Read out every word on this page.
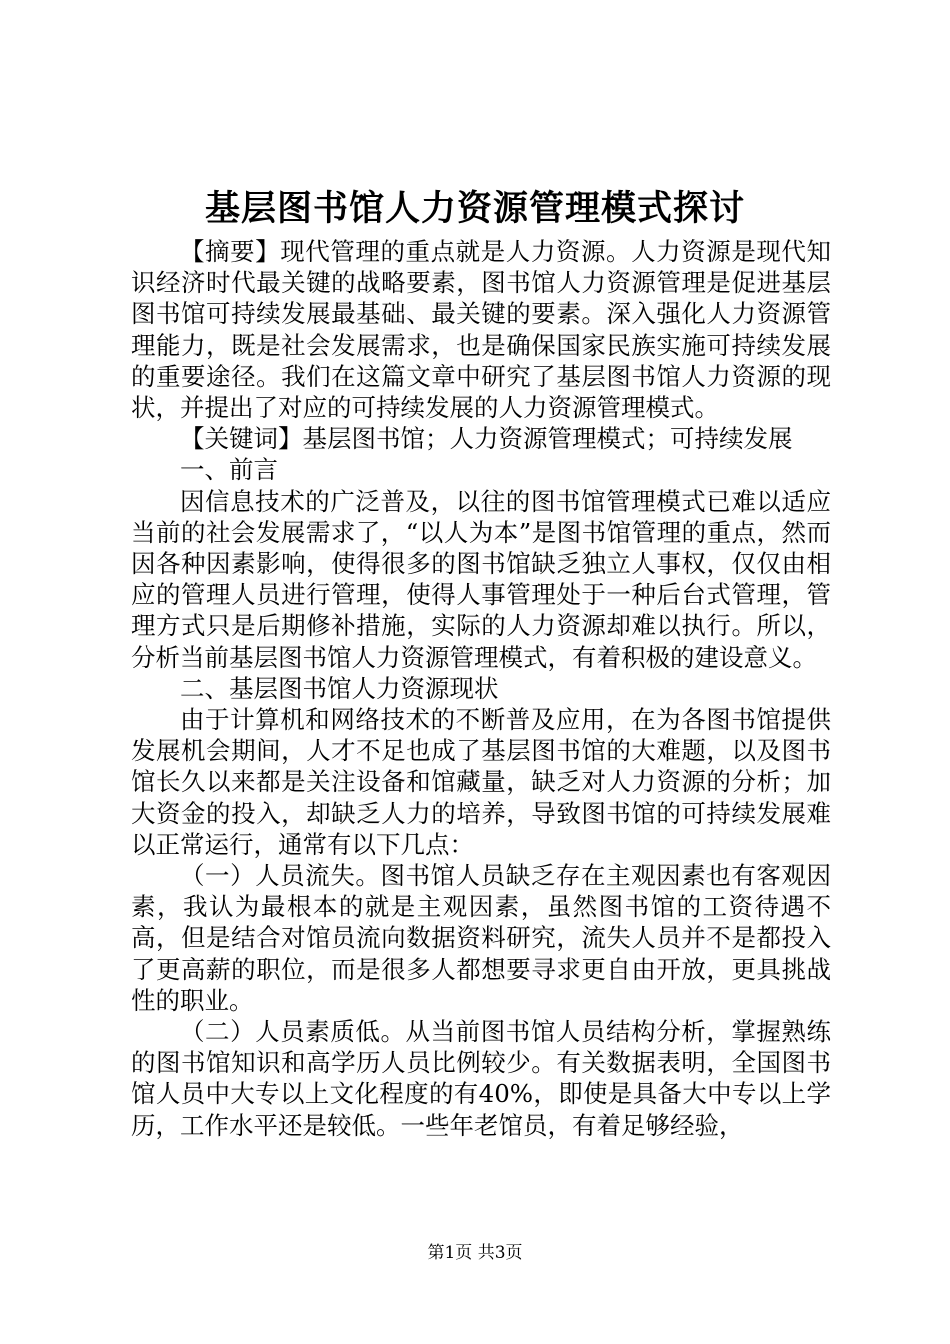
基层图书馆人力资源管理模式探讨

【摘要】现代管理的重点就是人力资源。人力资源是现代知识经济时代最关键的战略要素，图书馆人力资源管理是促进基层图书馆可持续发展最基础、最关键的要素。深入强化人力资源管理能力，既是社会发展需求，也是确保国家民族实施可持续发展的重要途径。我们在这篇文章中研究了基层图书馆人力资源的现状，并提出了对应的可持续发展的人力资源管理模式。

【关键词】基层图书馆；人力资源管理模式；可持续发展

一、前言

因信息技术的广泛普及，以往的图书馆管理模式已难以适应当前的社会发展需求了，“以人为本”是图书馆管理的重点，然而因各种因素影响，使得很多的图书馆缺乏独立人事权，仅仅由相应的管理人员进行管理，使得人事管理处于一种后台式管理，管理方式只是后期修补措施，实际的人力资源却难以执行。所以，分析当前基层图书馆人力资源管理模式，有着积极的建设意义。

二、基层图书馆人力资源现状

由于计算机和网络技术的不断普及应用，在为各图书馆提供发展机会期间，人才不足也成了基层图书馆的大难题，以及图书馆长久以来都是关注设备和馆藏量，缺乏对人力资源的分析；加大资金的投入，却缺乏人力的培养，导致图书馆的可持续发展难以正常运行，通常有以下几点：

（一）人员流失。图书馆人员缺乏存在主观因素也有客观因素，我认为最根本的就是主观因素，虽然图书馆的工资待遇不高，但是结合对馆员流向数据资料研究，流失人员并不是都投入了更高薪的职位，而是很多人都想要寻求更自由开放，更具挑战性的职业。

（二）人员素质低。从当前图书馆人员结构分析，掌握熟练的图书馆知识和高学历人员比例较少。有关数据表明，全国图书馆人员中大专以上文化程度的有40%，即使是具备大中专以上学历，工作水平还是较低。一些年老馆员，有着足够经验，

第1页 共3页
